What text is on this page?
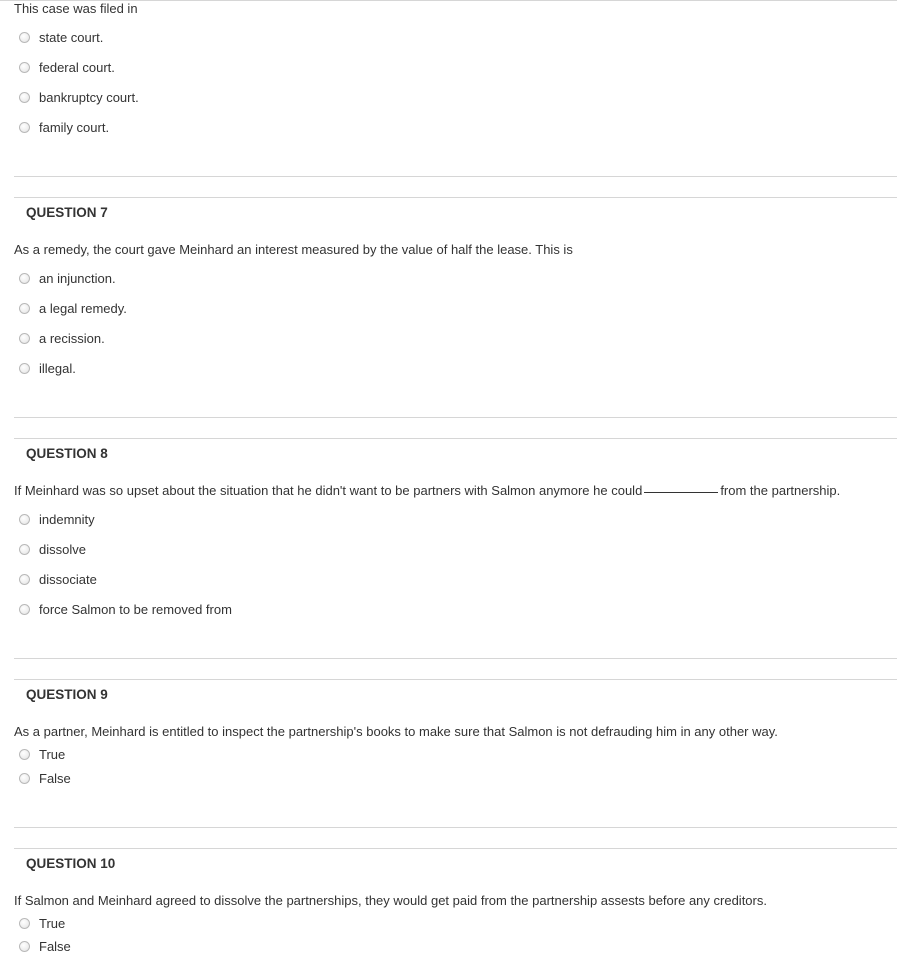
This case was filed in
state court.
federal court.
bankruptcy court.
family court.
QUESTION 7
As a remedy, the court gave Meinhard an interest measured by the value of half the lease. This is
an injunction.
a legal remedy.
a recission.
illegal.
QUESTION 8
If Meinhard was so upset about the situation that he didn't want to be partners with Salmon anymore he could	from the partnership.
indemnity
dissolve
dissociate
force Salmon to be removed from
QUESTION 9
As a partner, Meinhard is entitled to inspect the partnership's books to make sure that Salmon is not defrauding him in any other way.
True
False
QUESTION 10
If Salmon and Meinhard agreed to dissolve the partnerships, they would get paid from the partnership assests before any creditors.
True
False
